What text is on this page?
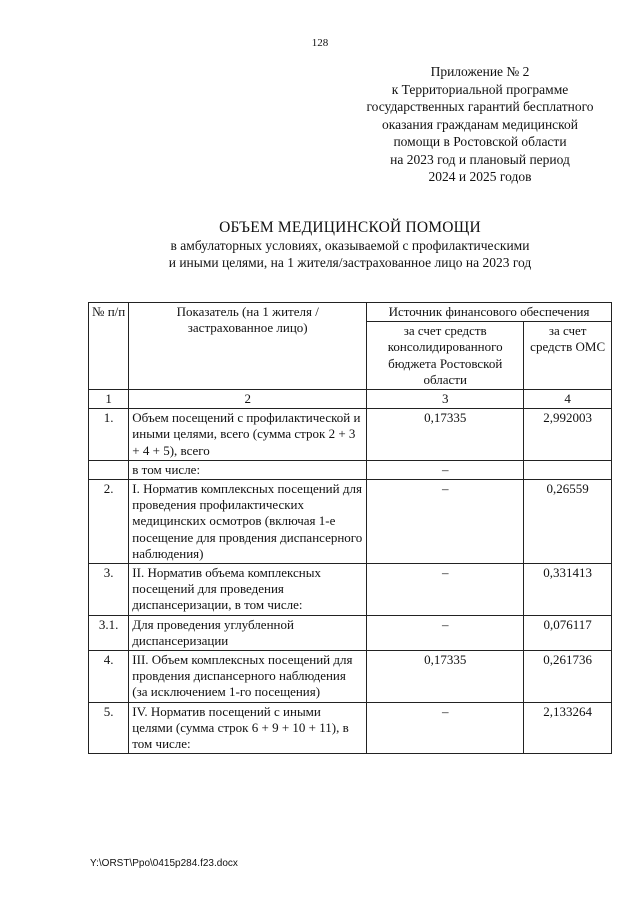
128
Приложение № 2
к Территориальной программе
государственных гарантий бесплатного
оказания гражданам медицинской
помощи в Ростовской области
на 2023 год и плановый период
2024 и 2025 годов
ОБЪЕМ МЕДИЦИНСКОЙ ПОМОЩИ
в амбулаторных условиях, оказываемой с профилактическими
и иными целями, на 1 жителя/застрахованное лицо на 2023 год
№ п/п	Показатель (на 1 жителя / застрахованное лицо)	Источник финансового обеспечения	
		за счет средств консолидированного бюджета Ростовской области	за счет средств ОМС
1	2	3	4
1.	Объем посещений с профилактической и иными целями, всего (сумма строк 2 + 3 + 4 + 5), всего	0,17335	2,992003
	в том числе:	–	
2.	I. Норматив комплексных посещений для проведения профилактических медицинских осмотров (включая 1-е посещение для провдения диспансерного наблюдения)	–	0,26559
3.	II. Норматив объема комплексных посещений для проведения диспансеризации, в том числе:	–	0,331413
3.1.	Для проведения углубленной диспансеризации	–	0,076117
4.	III. Объем комплексных посещений для провдения диспансерного наблюдения (за исключением 1-го посещения)	0,17335	0,261736
5.	IV. Норматив посещений с иными целями (сумма строк 6 + 9 + 10 + 11), в том числе:	–	2,133264
Y:\ORST\Ppo\0415p284.f23.docx
